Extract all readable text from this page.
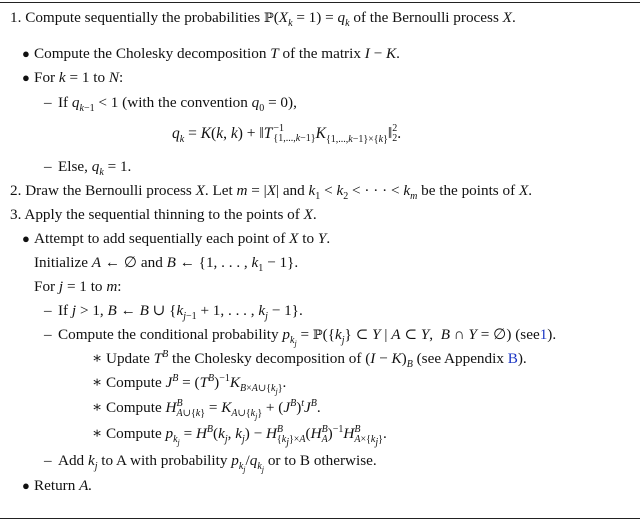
1. Compute sequentially the probabilities $ℙ(X_k = 1) = q_k$ of the Bernoulli process X.
● Compute the Cholesky decomposition T of the matrix I − K.
● For k = 1 to N:
– If $q_{k-1} < 1$ (with the convention $q_0 = 0$),
$q_k = K(k$, k) + ‖T −1
{1,...,k−1} $K_{\{1,...,k-1\}\times\{k\}}‖$ 2
2 .
– Else, $q_k = 1$.
2. Draw the Bernoulli process X. Let m = |X| and $k_1 < k_2$ < · · · < $k_m$ be the points of X.
3. Apply the sequential thinning to the points of X.
● Attempt to add sequentially each point of X to Y.
Initialize A ← ∅ and B ← {1, . . . , $k_1 - 1$}.
For j = 1 to m:
– If j > 1, B ← B ∪ {$k_{j-1} + 1$, . . . , $k_j - 1$}.
– Compute the conditional probability $p_{k_j}$ = $ℙ(\{k_j\}$ ⊂ Y | A ⊂ Y,  B ∩ Y = ∅) (see1).
∗ Update $T^B$ the Cholesky decomposition of $(I - K)_B$ (see Appendix B).
∗ Compute $J^B = (T^B)^{-1}K_{B\times A\cup\{k_j\}}$.
∗ Compute H B
A∪{k} = $K_{A\cup\{k_j\}} + (J^B)^tJ^B$.
∗ Compute $p_{k_j} = H^B(k_j$, $k_j) - H$ B
$\{k_j\}\times A$ (H B
A )$^{-1}$H B
$A\times\{k_j\}$ .
– Add $k_j$ to A with probability $p_{k_j}/q_{k_j}$ or to B otherwise.
● Return A.
